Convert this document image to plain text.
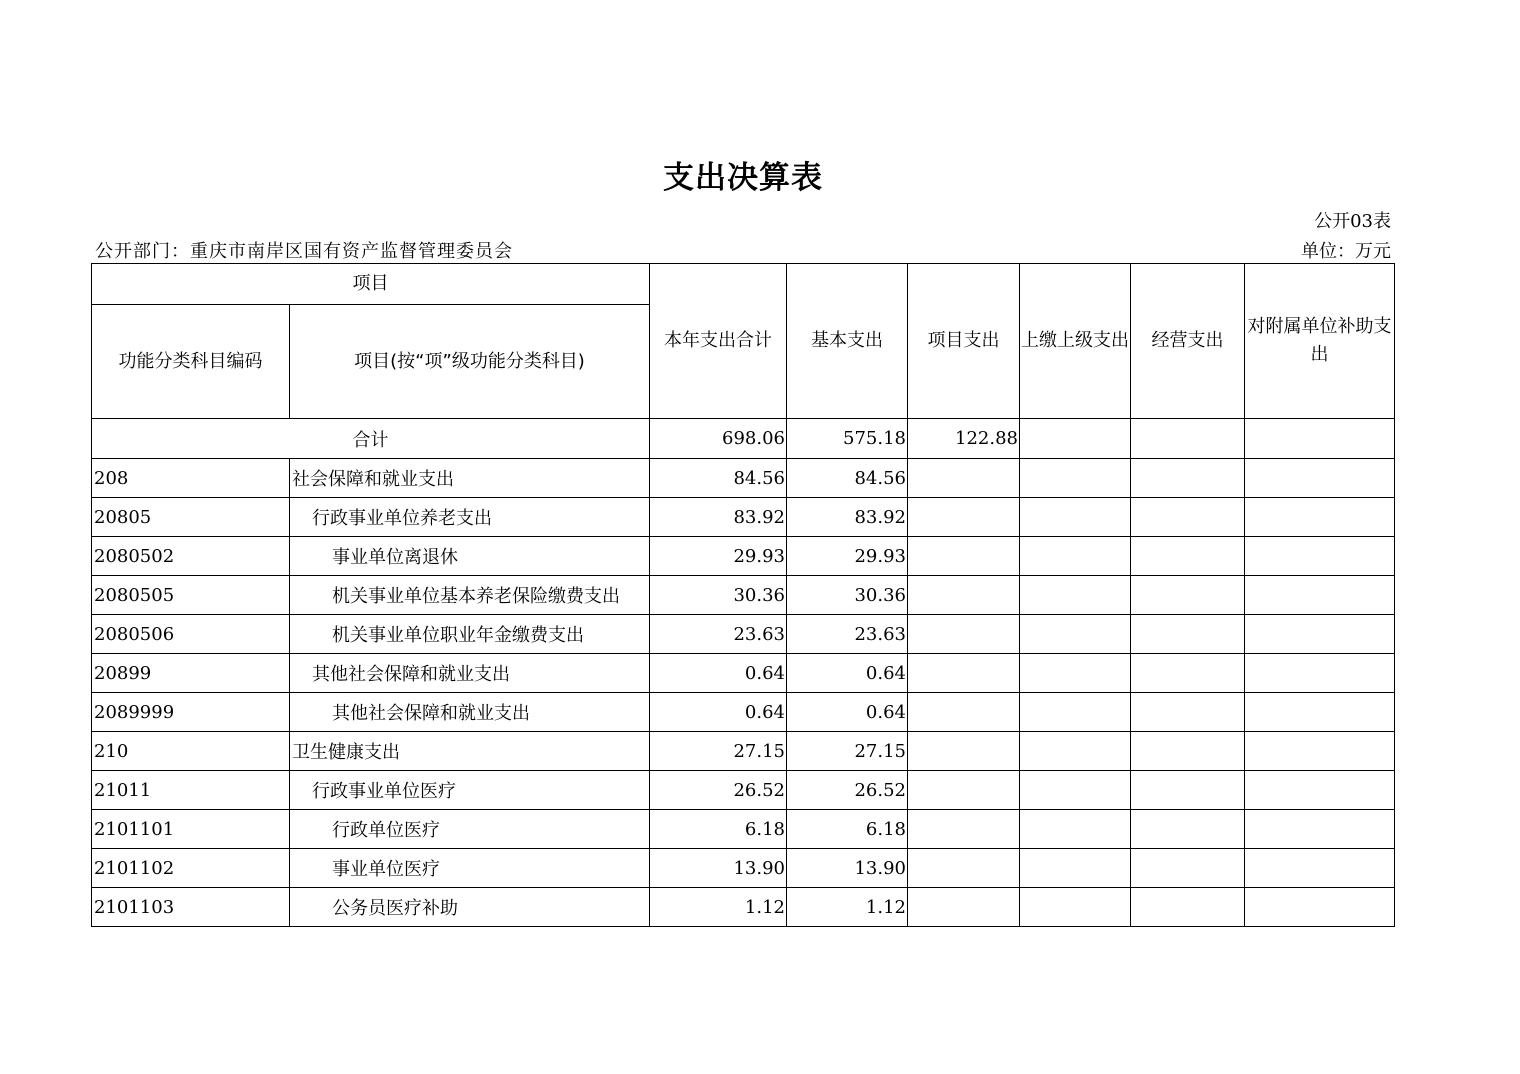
支出决算表
公开03表
公开部门：重庆市南岸区国有资产监督管理委员会	单位：万元
项目		本年支出合计	基本支出	项目支出	上缴上级支出	经营支出	对附属单位补助支出
功能分类科目编码	项目(按“项”级功能分类科目)						
合计		698.06	575.18	122.88			
208	社会保障和就业支出	84.56	84.56				
20805	行政事业单位养老支出	83.92	83.92				
2080502	事业单位离退休	29.93	29.93				
2080505	机关事业单位基本养老保险缴费支出	30.36	30.36				
2080506	机关事业单位职业年金缴费支出	23.63	23.63				
20899	其他社会保障和就业支出	0.64	0.64				
2089999	其他社会保障和就业支出	0.64	0.64				
210	卫生健康支出	27.15	27.15				
21011	行政事业单位医疗	26.52	26.52				
2101101	行政单位医疗	6.18	6.18				
2101102	事业单位医疗	13.90	13.90				
2101103	公务员医疗补助	1.12	1.12				
